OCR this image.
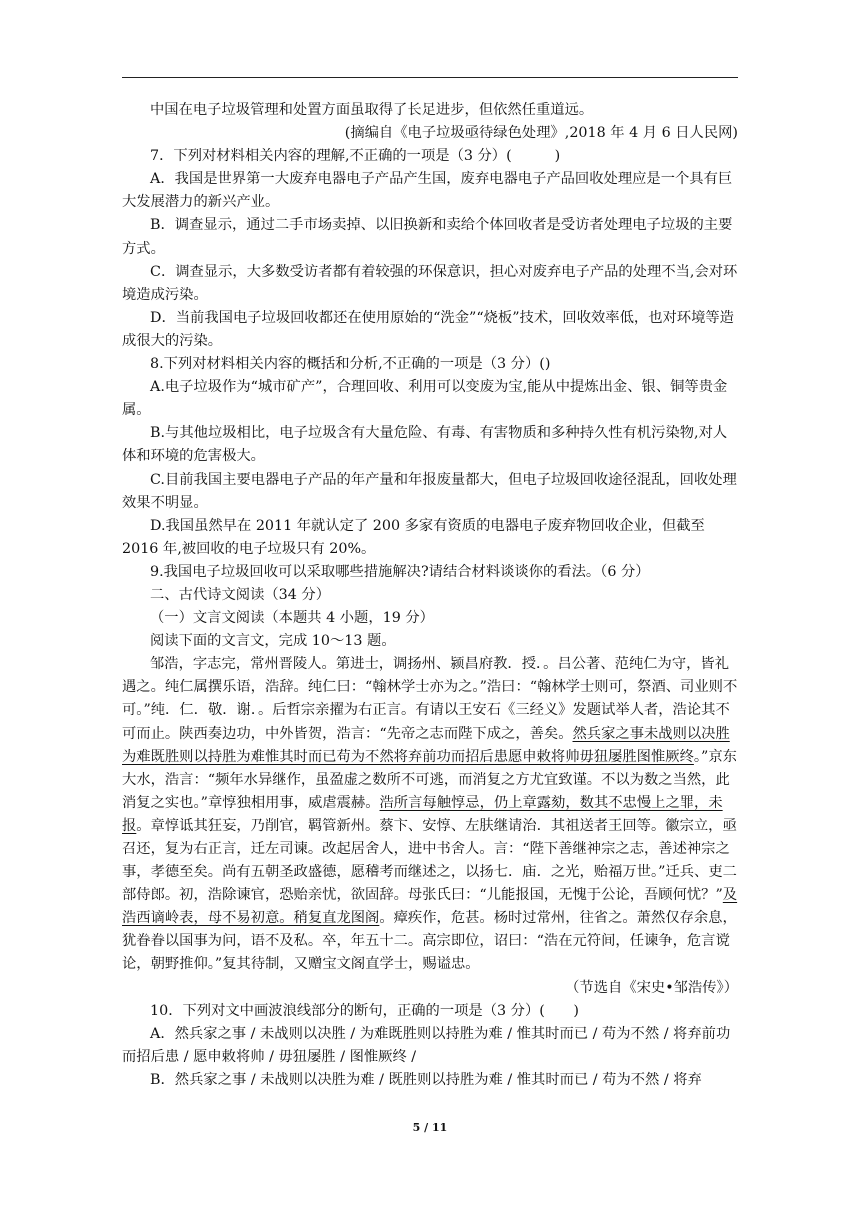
中国在电子垃圾管理和处置方面虽取得了长足进步，但依然任重道远。

(摘编自《电子垃圾亟待绿色处理》,2018 年 4 月 6 日人民网)

7．下列对材料相关内容的理解,不正确的一项是（3 分）(　　　)

A．我国是世界第一大废弃电器电子产品产生国，废弃电器电子产品回收处理应是一个具有巨大发展潜力的新兴产业。

B．调查显示，通过二手市场卖掉、以旧换新和卖给个体回收者是受访者处理电子垃圾的主要方式。

C．调查显示，大多数受访者都有着较强的环保意识，担心对废弃电子产品的处理不当,会对环境造成污染。

D．当前我国电子垃圾回收都还在使用原始的“洗金”“烧板”技术，回收效率低，也对环境等造成很大的污染。

8.下列对材料相关内容的概括和分析,不正确的一项是（3 分）()

A.电子垃圾作为“城市矿产”，合理回收、利用可以变废为宝,能从中提炼出金、银、铜等贵金属。

B.与其他垃圾相比，电子垃圾含有大量危险、有毒、有害物质和多种持久性有机污染物,对人体和环境的危害极大。

C.目前我国主要电器电子产品的年产量和年报废量都大，但电子垃圾回收途径混乱，回收处理效果不明显。

D.我国虽然早在 2011 年就认定了 200 多家有资质的电器电子废弃物回收企业，但截至 2016 年,被回收的电子垃圾只有 20%。

9.我国电子垃圾回收可以采取哪些措施解决?请结合材料谈谈你的看法。（6 分）

二、古代诗文阅读（34 分）

（一）文言文阅读（本题共 4 小题，19 分）

阅读下面的文言文，完成 10～13 题。

邹浩，字志完，常州晋陵人。第进士，调扬州、颍昌府教．授．。吕公著、范纯仁为守，皆礼遇之。纯仁属撰乐语，浩辞。纯仁曰：“翰林学士亦为之。”浩曰：“翰林学士则可，祭酒、司业则不可。”纯．仁．敬．谢．。后哲宗亲擢为右正言。有请以王安石《三经义》发题试举人者，浩论其不可而止。陕西奏边功，中外皆贺，浩言：“先帝之志而陛下成之，善矣。然兵家之事未战则以决胜为难既胜则以持胜为难惟其时而已苟为不然将弃前功而招后患愿申敕将帅毋狃屡胜图惟厥终。”京东大水，浩言：“频年水异继作，虽盈虚之数所不可逃，而消复之方尤宜致谨。不以为数之当然，此消复之实也。”章惇独相用事，威虐震赫。浩所言每触惇忌，仍上章露劾，数其不忠慢上之罪，未报。章惇诋其狂妄，乃削官，羁管新州。蔡卞、安惇、左肤继请治．其祖送者王回等。徽宗立，亟召还，复为右正言，迁左司谏。改起居舍人，进中书舍人。言：“陛下善继神宗之志，善述神宗之事，孝德至矣。尚有五朝圣政盛德，愿稽考而继述之，以扬七．庙．之光，贻福万世。”迁兵、吏二部侍郎。初，浩除谏官，恐贻亲忧，欲固辞。母张氏曰：“儿能报国，无愧于公论，吾顾何忧？”及浩西谪岭表，母不易初意。稍复直龙图阁。瘴疾作，危甚。杨时过常州，往省之。萧然仅存余息，犹眷眷以国事为问，语不及私。卒，年五十二。高宗即位，诏曰：“浩在元符间，任谏争，危言谠论，朝野推仰。”复其待制，又赠宝文阁直学士，赐谥忠。

（节选自《宋史•邹浩传》）

10．下列对文中画波浪线部分的断句，正确的一项是（3 分）(　　)

A．然兵家之事 / 未战则以决胜 / 为难既胜则以持胜为难 / 惟其时而已 / 苟为不然 / 将弃前功而招后患 / 愿申敕将帅 / 毋狃屡胜 / 图惟厥终 /

B．然兵家之事 / 未战则以决胜为难 / 既胜则以持胜为难 / 惟其时而已 / 苟为不然 / 将弃

5 / 11
